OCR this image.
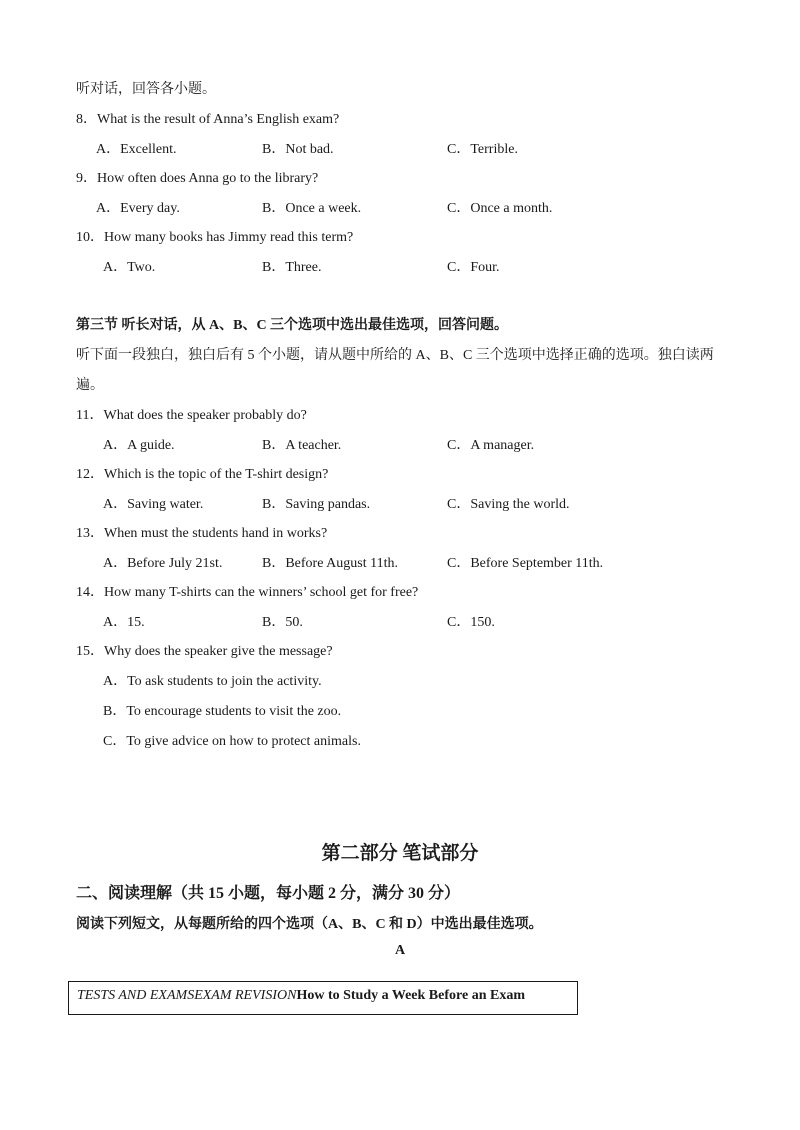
听对话，回答各小题。
8．What is the result of Anna’s English exam?
A．Excellent.	B．Not bad.	C．Terrible.
9．How often does Anna go to the library?
A．Every day.	B．Once a week.	C．Once a month.
10．How many books has Jimmy read this term?
A．Two.	B．Three.	C．Four.
第三节 听长对话，从 A、B、C 三个选项中选出最佳选项，回答问题。
听下面一段独白，独白后有 5 个小题，请从题中所给的 A、B、C 三个选项中选择正确的选项。独白读两
遍。
11．What does the speaker probably do?
A．A guide.	B．A teacher.	C．A manager.
12．Which is the topic of the T-shirt design?
A．Saving water.	B．Saving pandas.	C．Saving the world.
13．When must the students hand in works?
A．Before July 21st.	B．Before August 11th.	C．Before September 11th.
14．How many T-shirts can the winners’ school get for free?
A．15.	B．50.	C．150.
15．Why does the speaker give the message?
A．To ask students to join the activity.
B．To encourage students to visit the zoo.
C．To give advice on how to protect animals.
第二部分 笔试部分
二、阅读理解（共 15 小题，每小题 2 分，满分 30 分）
阅读下列短文，从每题所给的四个选项（A、B、C 和 D）中选出最佳选项。
A
TESTS AND EXAMSEXAM REVISIONHow to Study a Week Before an Exam
